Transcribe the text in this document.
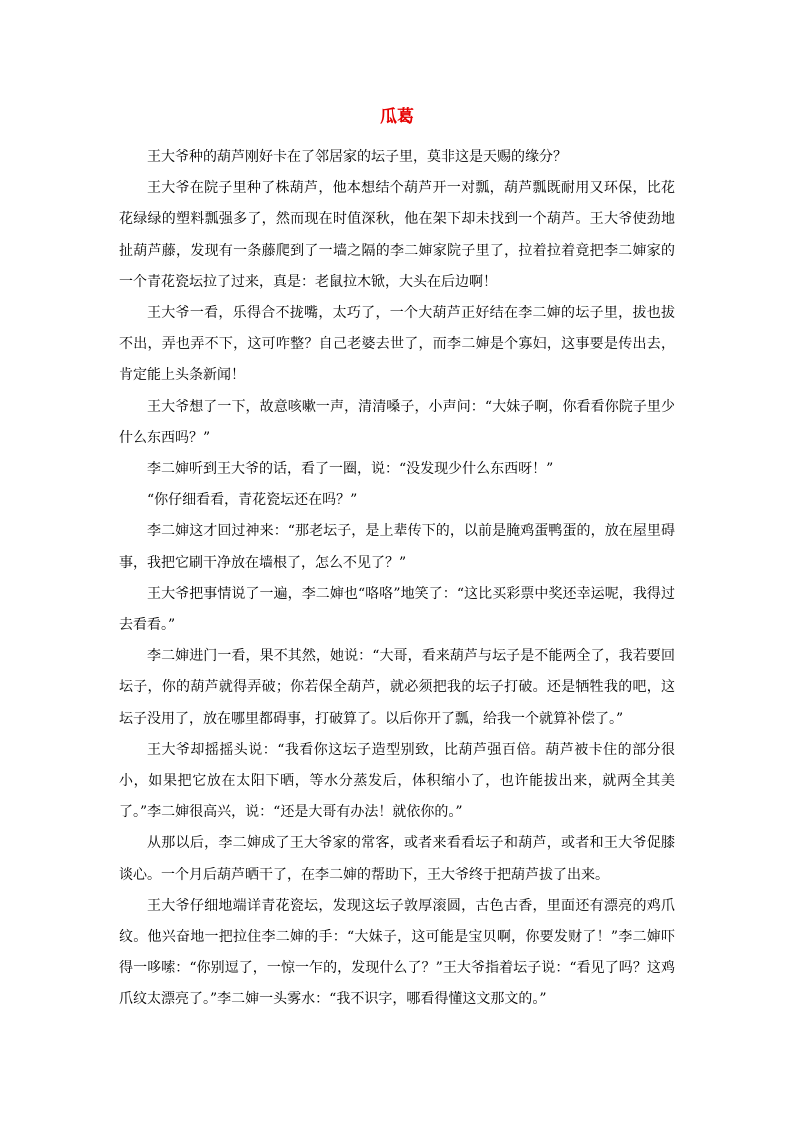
瓜葛

王大爷种的葫芦刚好卡在了邻居家的坛子里，莫非这是天赐的缘分？

王大爷在院子里种了株葫芦，他本想结个葫芦开一对瓢，葫芦瓢既耐用又环保，比花花绿绿的塑料瓢强多了，然而现在时值深秋，他在架下却未找到一个葫芦。王大爷使劲地扯葫芦藤，发现有一条藤爬到了一墙之隔的李二婶家院子里了，拉着拉着竟把李二婶家的一个青花瓷坛拉了过来，真是：老鼠拉木锨，大头在后边啊！

王大爷一看，乐得合不拢嘴，太巧了，一个大葫芦正好结在李二婶的坛子里，拔也拔不出，弄也弄不下，这可咋整？自己老婆去世了，而李二婶是个寡妇，这事要是传出去，肯定能上头条新闻！

王大爷想了一下，故意咳嗽一声，清清嗓子，小声问：“大妹子啊，你看看你院子里少什么东西吗？”

李二婶听到王大爷的话，看了一圈，说：“没发现少什么东西呀！”

“你仔细看看，青花瓷坛还在吗？”

李二婶这才回过神来：“那老坛子，是上辈传下的，以前是腌鸡蛋鸭蛋的，放在屋里碍事，我把它刷干净放在墙根了，怎么不见了？”

王大爷把事情说了一遍，李二婶也“咯咯”地笑了：“这比买彩票中奖还幸运呢，我得过去看看。”

李二婶进门一看，果不其然，她说：“大哥，看来葫芦与坛子是不能两全了，我若要回坛子，你的葫芦就得弄破；你若保全葫芦，就必须把我的坛子打破。还是牺牲我的吧，这坛子没用了，放在哪里都碍事，打破算了。以后你开了瓢，给我一个就算补偿了。”

王大爷却摇摇头说：“我看你这坛子造型别致，比葫芦强百倍。葫芦被卡住的部分很小，如果把它放在太阳下晒，等水分蒸发后，体积缩小了，也许能拔出来，就两全其美了。”李二婶很高兴，说：“还是大哥有办法！就依你的。”

从那以后，李二婶成了王大爷家的常客，或者来看看坛子和葫芦，或者和王大爷促膝谈心。一个月后葫芦晒干了，在李二婶的帮助下，王大爷终于把葫芦拔了出来。

王大爷仔细地端详青花瓷坛，发现这坛子敦厚滚圆，古色古香，里面还有漂亮的鸡爪纹。他兴奋地一把拉住李二婶的手：“大妹子，这可能是宝贝啊，你要发财了！”李二婶吓得一哆嗦：“你别逗了，一惊一乍的，发现什么了？”王大爷指着坛子说：“看见了吗？这鸡爪纹太漂亮了。”李二婶一头雾水：“我不识字，哪看得懂这文那文的。”
